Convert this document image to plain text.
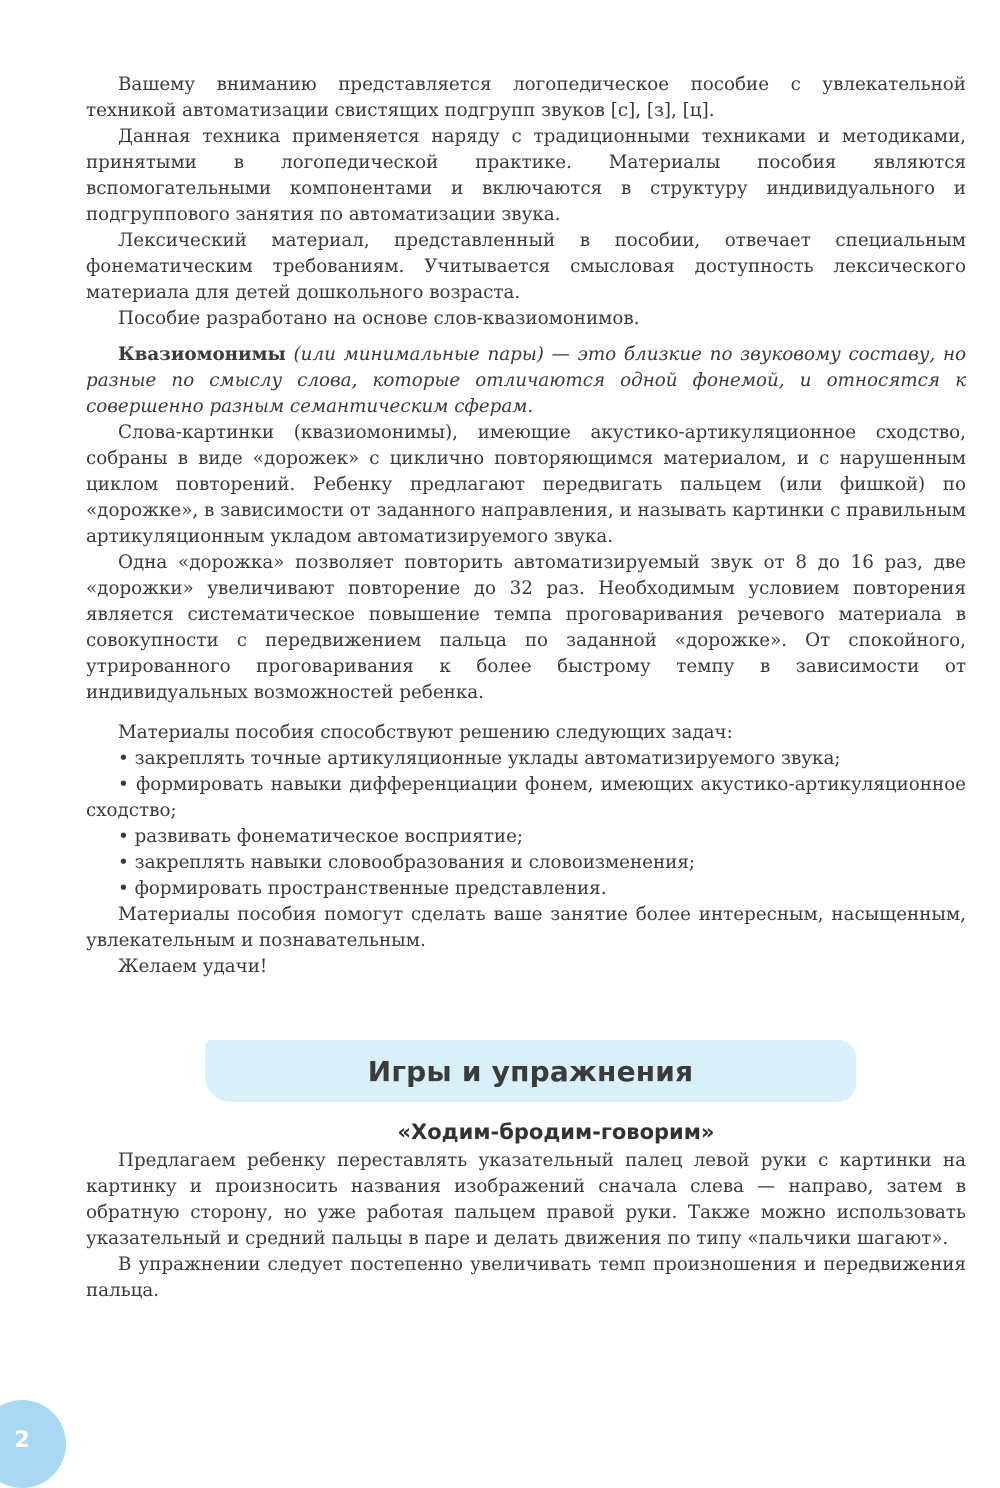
Вашему вниманию представляется логопедическое пособие с увлекательной техникой автоматизации свистящих подгрупп звуков [с], [з], [ц].

Данная техника применяется наряду с традиционными техниками и методиками, принятыми в логопедической практике. Материалы пособия являются вспомогательными компонентами и включаются в структуру индивидуального и подгруппового занятия по автоматизации звука.

Лексический материал, представленный в пособии, отвечает специальным фонематическим требованиям. Учитывается смысловая доступность лексического материала для детей дошкольного возраста.

Пособие разработано на основе слов-квазиомонимов.

Квазиомонимы (или минимальные пары) — это близкие по звуковому составу, но разные по смыслу слова, которые отличаются одной фонемой, и относятся к совершенно разным семантическим сферам.

Слова-картинки (квазиомонимы), имеющие акустико-артикуляционное сходство, собраны в виде «дорожек» с циклично повторяющимся материалом, и с нарушенным циклом повторений. Ребенку предлагают передвигать пальцем (или фишкой) по «дорожке», в зависимости от заданного направления, и называть картинки с правильным артикуляционным укладом автоматизируемого звука.

Одна «дорожка» позволяет повторить автоматизируемый звук от 8 до 16 раз, две «дорожки» увеличивают повторение до 32 раз. Необходимым условием повторения является систематическое повышение темпа проговаривания речевого материала в совокупности с передвижением пальца по заданной «дорожке». От спокойного, утрированного проговаривания к более быстрому темпу в зависимости от индивидуальных возможностей ребенка.

Материалы пособия способствуют решению следующих задач:

• закреплять точные артикуляционные уклады автоматизируемого звука;
• формировать навыки дифференциации фонем, имеющих акустико-артикуляционное сходство;
• развивать фонематическое восприятие;
• закреплять навыки словообразования и словоизменения;
• формировать пространственные представления.

Материалы пособия помогут сделать ваше занятие более интересным, насыщенным, увлекательным и познавательным.

Желаем удачи!

Игры и упражнения
«Ходим-бродим-говорим»

Предлагаем ребенку переставлять указательный палец левой руки с картинки на картинку и произносить названия изображений сначала слева — направо, затем в обратную сторону, но уже работая пальцем правой руки. Также можно использовать указательный и средний пальцы в паре и делать движения по типу «пальчики шагают».

В упражнении следует постепенно увеличивать темп произношения и передвижения пальца.

2
